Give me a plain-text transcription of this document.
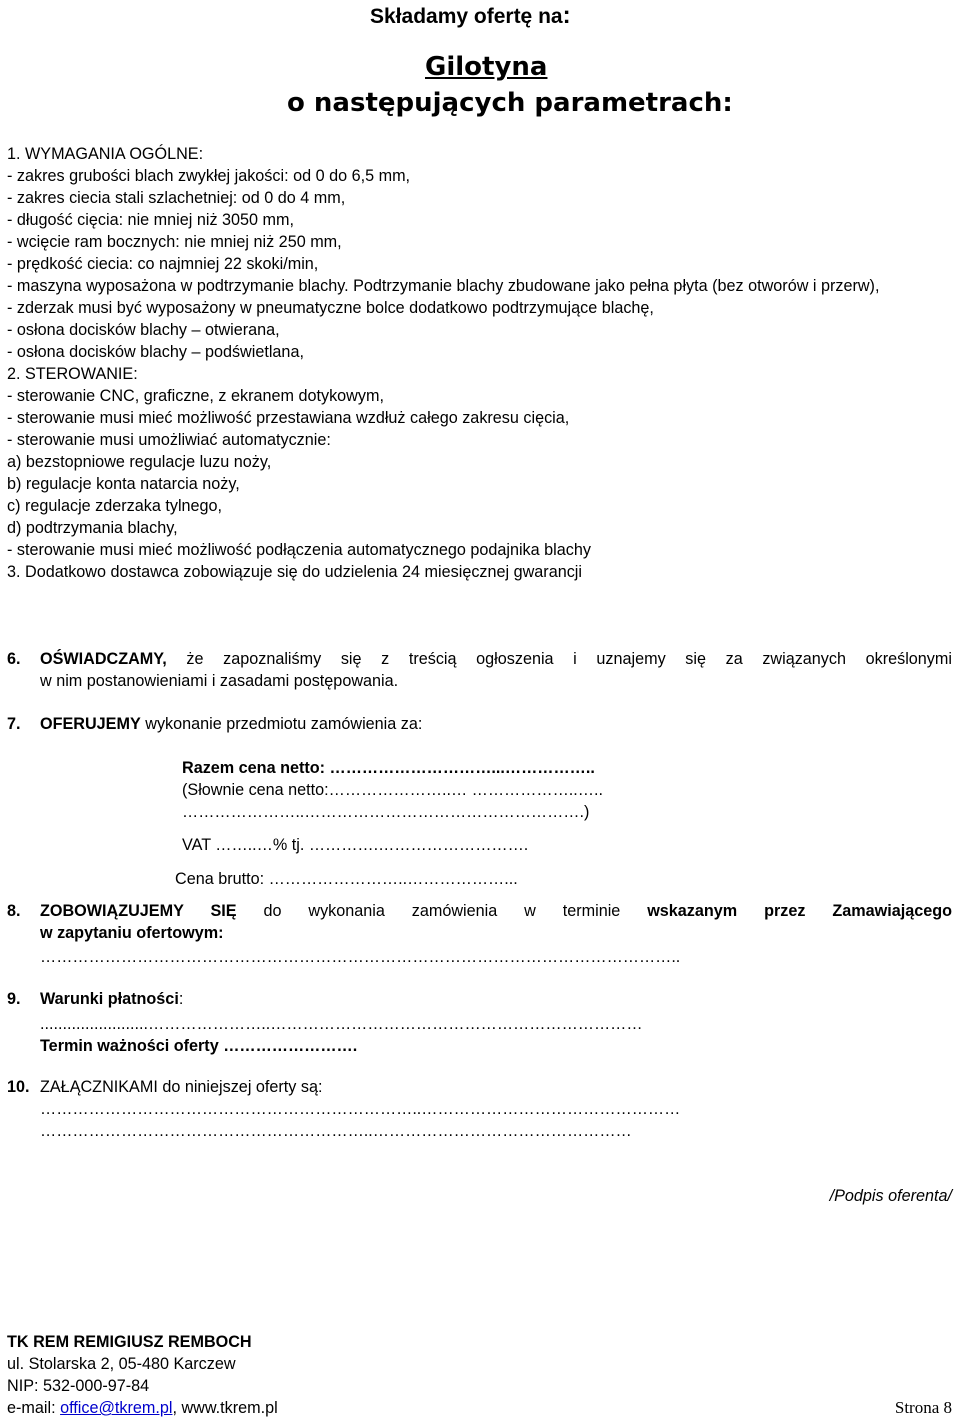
Składamy ofertę na:
Gilotyna
o następujących parametrach:
1. WYMAGANIA OGÓLNE:
- zakres grubości blach zwykłej jakości: od 0 do 6,5 mm,
- zakres ciecia stali szlachetniej: od 0 do 4 mm,
- długość cięcia: nie mniej niż 3050 mm,
- wcięcie ram bocznych: nie mniej niż 250 mm,
- prędkość ciecia: co najmniej 22 skoki/min,
- maszyna wyposażona w podtrzymanie blachy. Podtrzymanie blachy zbudowane jako pełna płyta (bez otworów i przerw),
- zderzak musi być wyposażony w pneumatyczne bolce dodatkowo podtrzymujące blachę,
- osłona docisków blachy – otwierana,
- osłona docisków blachy – podświetlana,
2. STEROWANIE:
- sterowanie CNC, graficzne, z ekranem dotykowym,
- sterowanie musi mieć możliwość przestawiana wzdłuż całego zakresu cięcia,
- sterowanie musi umożliwiać automatycznie:
a) bezstopniowe regulacje luzu noży,
b) regulacje konta natarcia noży,
c) regulacje zderzaka tylnego,
d) podtrzymania blachy,
- sterowanie musi mieć możliwość podłączenia automatycznego podajnika blachy
3. Dodatkowo dostawca zobowiązuje się do udzielenia 24 miesięcznej gwarancji
6. OŚWIADCZAMY, że zapoznaliśmy się z treścią ogłoszenia i uznajemy się za związanych określonymi
w nim postanowieniami i zasadami postępowania.
7. OFERUJEMY wykonanie przedmiotu zamówienia za:
Razem cena netto: …………………………...……………..
(Słownie cena netto:…………………..… ………………..…..
…………………..…………………………………………….)
VAT ……..…% tj. ………….……………………….
Cena brutto: ……………………..………………...
8. ZOBOWIĄZUJEMY SIĘ do wykonania zamówienia w terminie wskazanym przez Zamawiającego
w zapytaniu ofertowym:
………………………………………………………………………………………………………..
9. Warunki płatności:
........................…………………..……………………………………………………………
Termin ważności oferty …………………….
10. ZAŁĄCZNIKAMI do niniejszej oferty są:
……………………………………………………………..…………………………………………
……………………………………………………..…………………………………………
/Podpis oferenta/
TK REM REMIGIUSZ REMBOCH
ul. Stolarska 2, 05-480 Karczew
NIP: 532-000-97-84
e-mail: office@tkrem.pl, www.tkrem.pl	Strona 8
